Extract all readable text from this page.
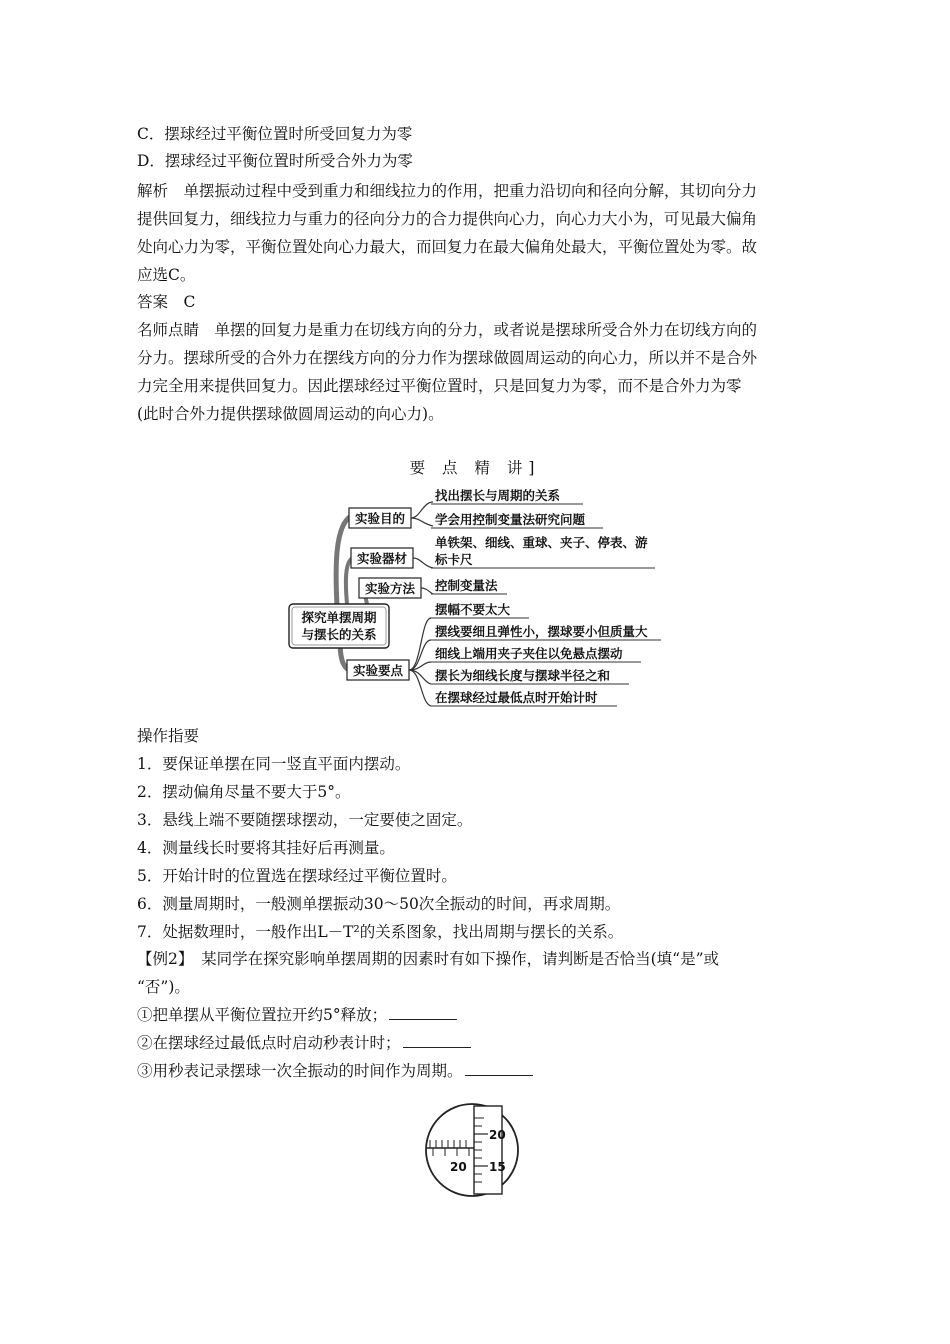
C．摆球经过平衡位置时所受回复力为零
D．摆球经过平衡位置时所受合外力为零
解析　单摆振动过程中受到重力和细线拉力的作用，把重力沿切向和径向分解，其切向分力
提供回复力，细线拉力与重力的径向分力的合力提供向心力，向心力大小为，可见最大偏角
处向心力为零，平衡位置处向心力最大，而回复力在最大偏角处最大，平衡位置处为零。故
应选C。
答案　C
名师点睛　单摆的回复力是重力在切线方向的分力，或者说是摆球所受合外力在切线方向的
分力。摆球所受的合外力在摆线方向的分力作为摆球做圆周运动的向心力，所以并不是合外
力完全用来提供回复力。因此摆球经过平衡位置时，只是回复力为零，而不是合外力为零
(此时合外力提供摆球做圆周运动的向心力)。
要 点 精 讲]
探究单摆周期
与摆长的关系
实验目的
找出摆长与周期的关系
学会用控制变量法研究问题
实验器材
单铁架、细线、重球、夹子、停表、游
标卡尺
实验方法 控制变量法
实验要点
摆幅不要太大
摆线要细且弹性小，摆球要小但质量大
细线上端用夹子夹住以免悬点摆动
摆长为细线长度与摆球半径之和
在摆球经过最低点时开始计时
操作指要
1．要保证单摆在同一竖直平面内摆动。
2．摆动偏角尽量不要大于5°。
3．悬线上端不要随摆球摆动，一定要使之固定。
4．测量线长时要将其挂好后再测量。
5．开始计时的位置选在摆球经过平衡位置时。
6．测量周期时，一般测单摆振动30～50次全振动的时间，再求周期。
7．处据数理时，一般作出L－T²的关系图象，找出周期与摆长的关系。
【例2】　某同学在探究影响单摆周期的因素时有如下操作，请判断是否恰当(填“是”或
“否”)。
①把单摆从平衡位置拉开约5°释放；
②在摆球经过最低点时启动秒表计时；
③用秒表记录摆球一次全振动的时间作为周期。
20
15
20
